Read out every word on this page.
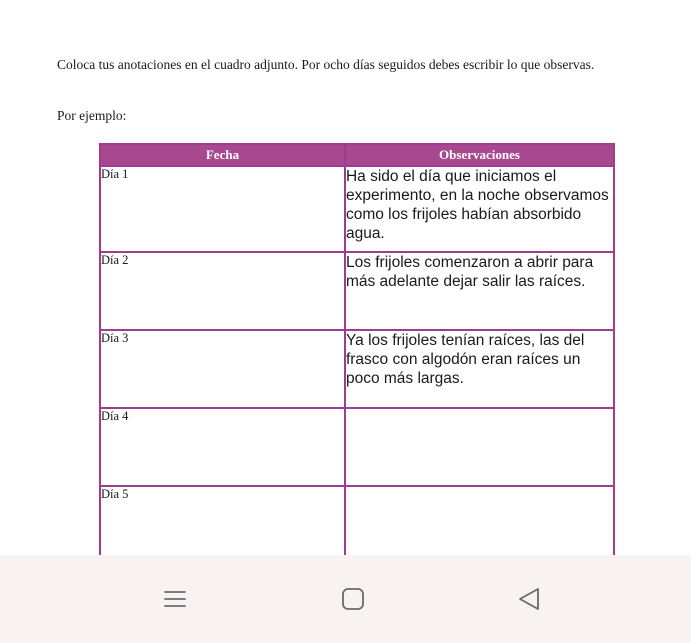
Coloca tus anotaciones en el cuadro adjunto. Por ocho días seguidos debes escribir lo que observas.
Por ejemplo:
Fecha	Observaciones
Día 1	Ha sido el día que iniciamos el experimento, en la noche observamos como los frijoles habían absorbido agua.
Día 2	Los frijoles comenzaron a abrir para más adelante dejar salir las raíces.
Día 3	Ya los frijoles tenían raíces, las del frasco con algodón eran raíces un poco más largas.
Día 4	
Día 5	
